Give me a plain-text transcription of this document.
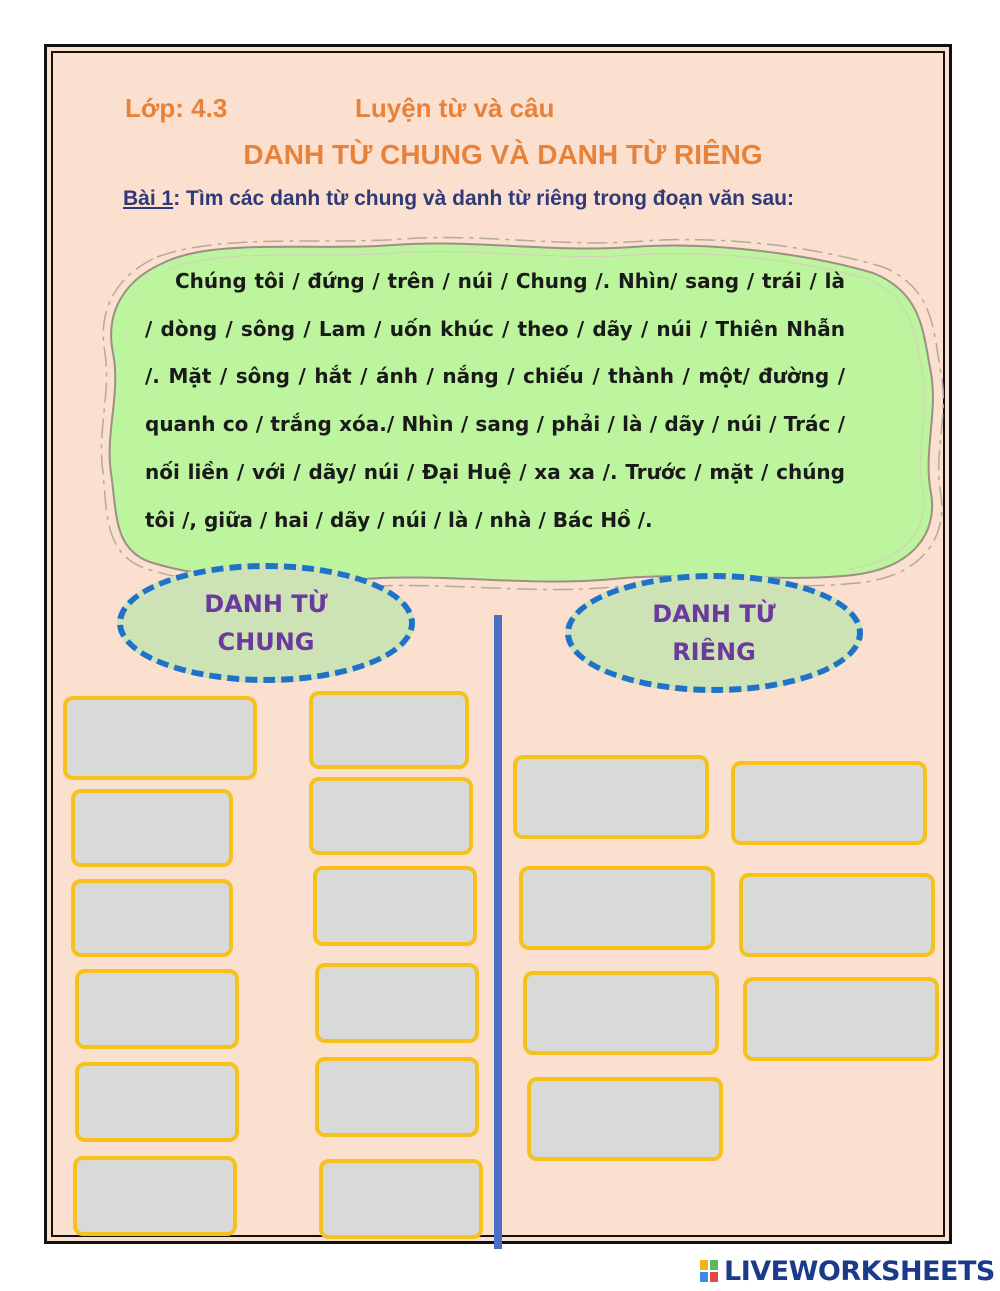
Lớp: 4.3	Luyện từ và câu
DANH TỪ CHUNG VÀ DANH TỪ RIÊNG
Bài 1: Tìm các danh từ chung và danh từ riêng trong đoạn văn sau:
Chúng tôi / đứng / trên / núi / Chung /. Nhìn/ sang / trái / là / dòng / sông / Lam / uốn khúc / theo / dãy / núi / Thiên Nhẫn /. Mặt / sông / hắt / ánh / nắng / chiếu / thành / một/ đường / quanh co / trắng xóa./ Nhìn / sang / phải / là / dãy / núi / Trác / nối liền / với / dãy/ núi / Đại Huệ / xa xa /. Trước / mặt / chúng tôi /, giữa / hai / dãy / núi / là / nhà / Bác Hồ /.
DANH TỪ CHUNG
DANH TỪ RIÊNG
LIVEWORKSHEETS
